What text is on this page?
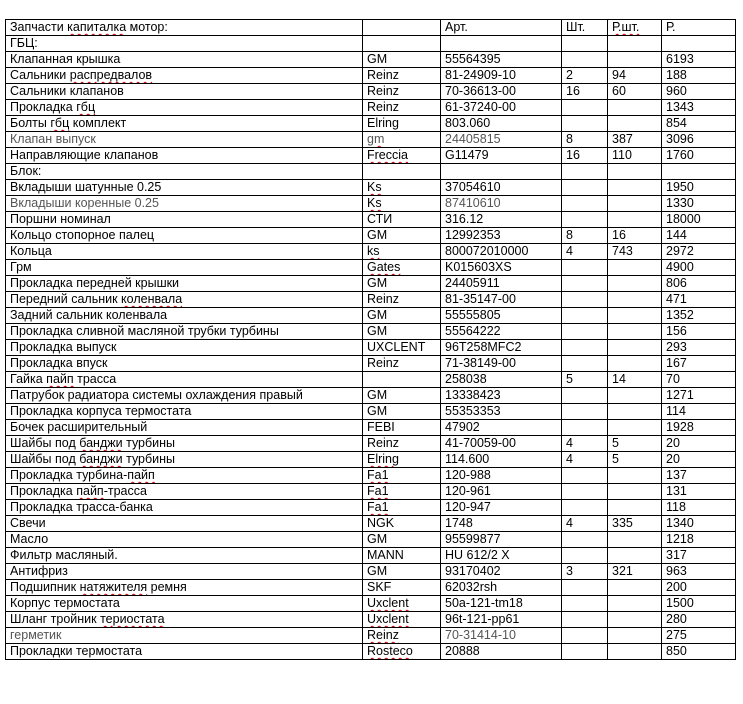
Запчасти капиталка мотор:		Арт.	Шт.	Р.шт.	Р.
ГБЦ:					
Клапанная крышка	GM	55564395			6193
Сальники распредвалов	Reinz	81-24909-10	2	94	188
Сальники клапанов	Reinz	70-36613-00	16	60	960
Прокладка гбц	Reinz	61-37240-00			1343
Болты гбц комплект	Elring	803.060			854
Клапан выпуск	gm	24405815	8	387	3096
Направляющие клапанов	Freccia	G11479	16	110	1760
Блок:					
Вкладыши шатунные 0.25	Ks	37054610			1950
Вкладыши коренные 0.25	Ks	87410610			1330
Поршни номинал	СТИ	316.12			18000
Кольцо стопорное палец	GM	12992353	8	16	144
Кольца	ks	800072010000	4	743	2972
Грм	Gates	K015603XS			4900
Прокладка передней крышки	GM	24405911			806
Передний сальник коленвала	Reinz	81-35147-00			471
Задний сальник коленвала	GM	55555805			1352
Прокладка сливной масляной трубки турбины	GM	55564222			156
Прокладка выпуск	UXCLENT	96T258MFC2			293
Прокладка впуск	Reinz	71-38149-00			167
Гайка пайп трасса		258038	5	14	70
Патрубок радиатора системы охлаждения правый	GM	13338423			1271
Прокладка корпуса термостата	GM	55353353			114
Бочек расширительный	FEBI	47902			1928
Шайбы под банджи турбины	Reinz	41-70059-00	4	5	20
Шайбы под банджи турбины	Elring	114.600	4	5	20
Прокладка турбина-пайп	Fa1	120-988			137
Прокладка пайп-трасса	Fa1	120-961			131
Прокладка трасса-банка	Fa1	120-947			118
Свечи	NGK	1748	4	335	1340
Масло	GM	95599877			1218
Фильтр масляный.	MANN	HU 612/2 X			317
Антифриз	GM	93170402	3	321	963
Подшипник натяжителя ремня	SKF	62032rsh			200
Корпус термостата	Uxclent	50a-121-tm18			1500
Шланг тройник териостата	Uxclent	96t-121-pp61			280
герметик	Reinz	70-31414-10			275
Прокладки термостата	Rosteco	20888			850
